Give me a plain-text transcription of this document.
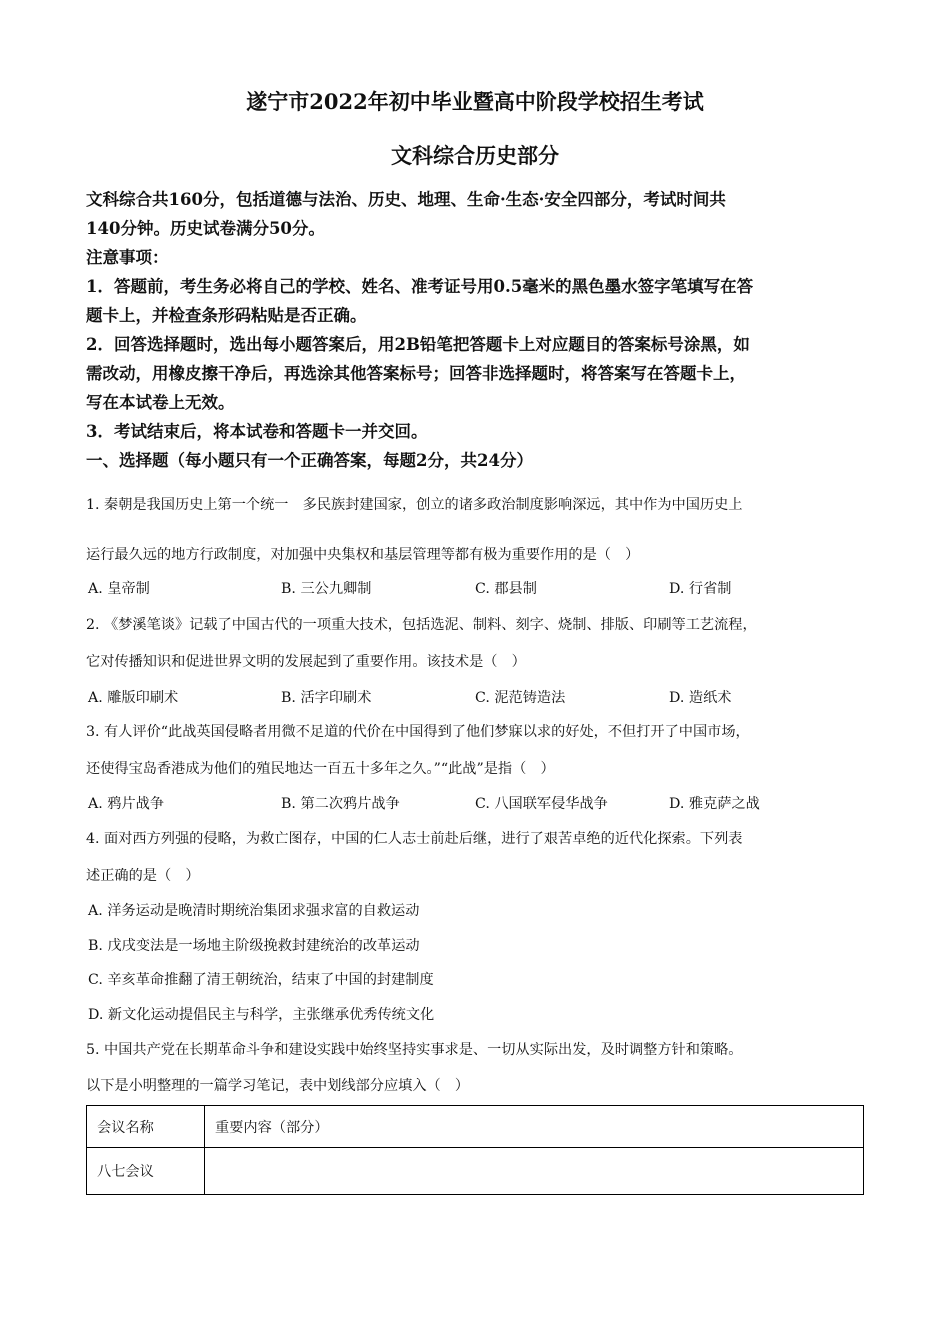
遂宁市2022年初中毕业暨高中阶段学校招生考试
文科综合历史部分
文科综合共160分，包括道德与法治、历史、地理、生命·生态·安全四部分，考试时间共
140分钟。历史试卷满分50分。
注意事项：
1．答题前，考生务必将自己的学校、姓名、准考证号用0.5毫米的黑色墨水签字笔填写在答
题卡上，并检查条形码粘贴是否正确。
2．回答选择题时，选出每小题答案后，用2B铅笔把答题卡上对应题目的答案标号涂黑，如
需改动，用橡皮擦干净后，再选涂其他答案标号；回答非选择题时，将答案写在答题卡上，
写在本试卷上无效。
3．考试结束后，将本试卷和答题卡一并交回。
一、选择题（每小题只有一个正确答案，每题2分，共24分）
1. 秦朝是我国历史上第一个统一　多民族封建国家，创立的诸多政治制度影响深远，其中作为中国历史上
运行最久远的地方行政制度，对加强中央集权和基层管理等都有极为重要作用的是（　）
A. 皇帝制	B. 三公九卿制	C. 郡县制	D. 行省制
2. 《梦溪笔谈》记载了中国古代的一项重大技术，包括选泥、制料、刻字、烧制、排版、印刷等工艺流程，
它对传播知识和促进世界文明的发展起到了重要作用。该技术是（　）
A. 雕版印刷术	B. 活字印刷术	C. 泥范铸造法	D. 造纸术
3. 有人评价“此战英国侵略者用微不足道的代价在中国得到了他们梦寐以求的好处，不但打开了中国市场，
还使得宝岛香港成为他们的殖民地达一百五十多年之久。”“此战”是指（　）
A. 鸦片战争	B. 第二次鸦片战争	C. 八国联军侵华战争	D. 雅克萨之战
4. 面对西方列强的侵略，为救亡图存，中国的仁人志士前赴后继，进行了艰苦卓绝的近代化探索。下列表
述正确的是（　）
A. 洋务运动是晚清时期统治集团求强求富的自救运动
B. 戊戌变法是一场地主阶级挽救封建统治的改革运动
C. 辛亥革命推翻了清王朝统治，结束了中国的封建制度
D. 新文化运动提倡民主与科学，主张继承优秀传统文化
5. 中国共产党在长期革命斗争和建设实践中始终坚持实事求是、一切从实际出发，及时调整方针和策略。
以下是小明整理的一篇学习笔记，表中划线部分应填入（　）
会议名称	重要内容（部分）
八七会议	
